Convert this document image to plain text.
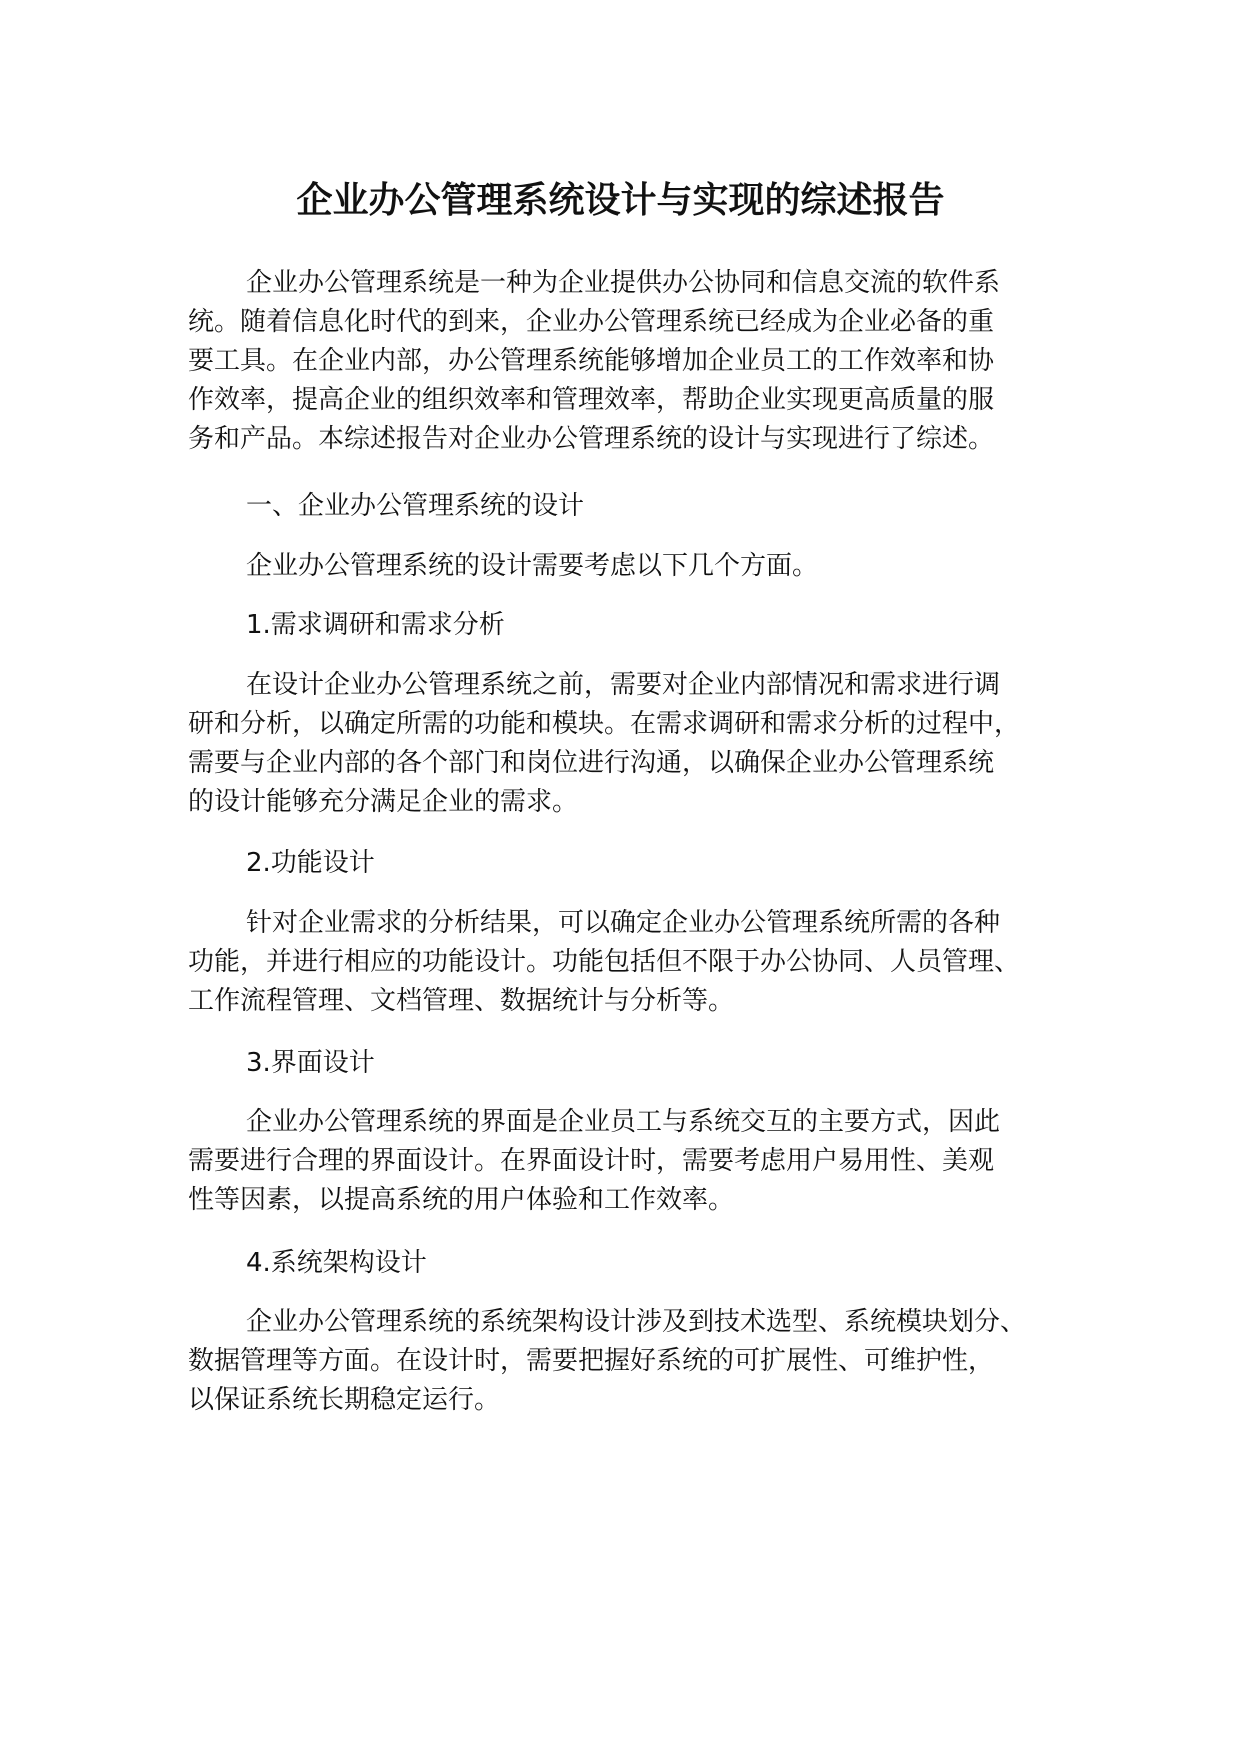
企业办公管理系统设计与实现的综述报告

企业办公管理系统是一种为企业提供办公协同和信息交流的软件系

统。随着信息化时代的到来，企业办公管理系统已经成为企业必备的重

要工具。在企业内部，办公管理系统能够增加企业员工的工作效率和协

作效率，提高企业的组织效率和管理效率，帮助企业实现更高质量的服

务和产品。本综述报告对企业办公管理系统的设计与实现进行了综述。

一、企业办公管理系统的设计

企业办公管理系统的设计需要考虑以下几个方面。

1.需求调研和需求分析

在设计企业办公管理系统之前，需要对企业内部情况和需求进行调

研和分析，以确定所需的功能和模块。在需求调研和需求分析的过程中，

需要与企业内部的各个部门和岗位进行沟通，以确保企业办公管理系统

的设计能够充分满足企业的需求。

2.功能设计

针对企业需求的分析结果，可以确定企业办公管理系统所需的各种

功能，并进行相应的功能设计。功能包括但不限于办公协同、人员管理、

工作流程管理、文档管理、数据统计与分析等。

3.界面设计

企业办公管理系统的界面是企业员工与系统交互的主要方式，因此

需要进行合理的界面设计。在界面设计时，需要考虑用户易用性、美观

性等因素，以提高系统的用户体验和工作效率。

4.系统架构设计

企业办公管理系统的系统架构设计涉及到技术选型、系统模块划分、

数据管理等方面。在设计时，需要把握好系统的可扩展性、可维护性，

以保证系统长期稳定运行。
